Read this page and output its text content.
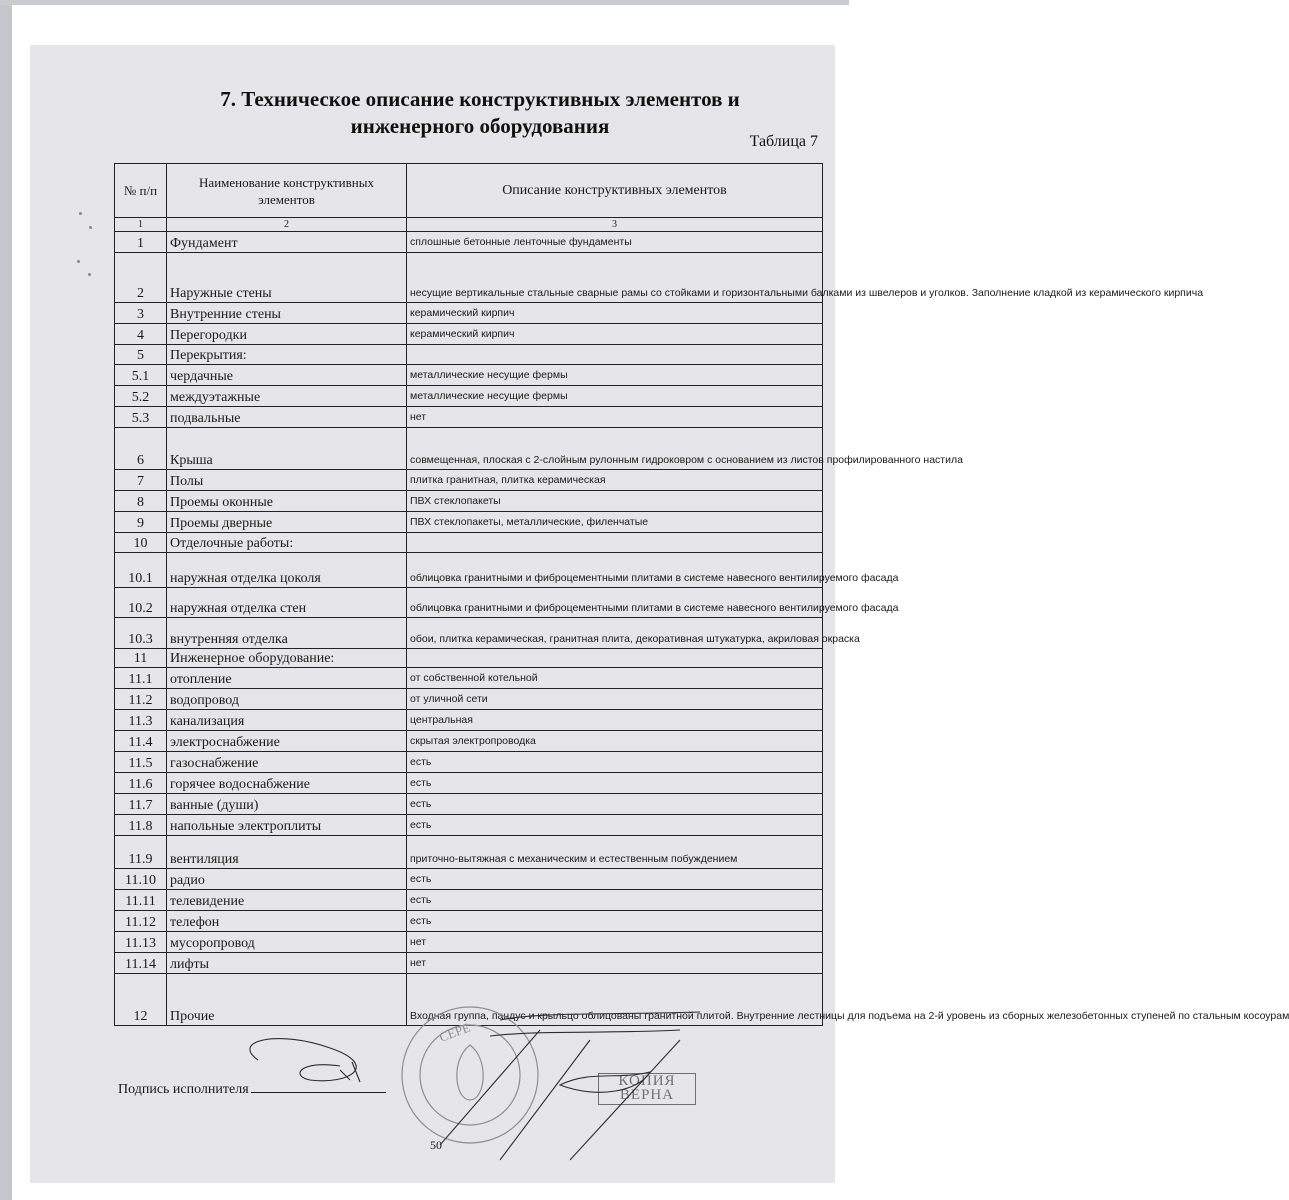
7. Техническое описание конструктивных элементов и
инженерного оборудования
Таблица 7
№ п/п	Наименование конструктивных элементов	Описание конструктивных элементов
1	2	3
1	Фундамент	сплошные бетонные ленточные фундаменты
2	Наружные стены	несущие вертикальные стальные сварные рамы со стойками и горизонтальными балками из швелеров и уголков. Заполнение кладкой из керамического кирпича
3	Внутренние стены	керамический кирпич
4	Перегородки	керамический кирпич
5	Перекрытия:	
5.1	чердачные	металлические несущие фермы
5.2	междуэтажные	металлические несущие фермы
5.3	подвальные	нет
6	Крыша	совмещенная, плоская с 2-слойным рулонным гидроковром с основанием из листов профилированного настила
7	Полы	плитка гранитная, плитка керамическая
8	Проемы оконные	ПВХ стеклопакеты
9	Проемы дверные	ПВХ стеклопакеты, металлические, филенчатые
10	Отделочные работы:	
10.1	наружная отделка цоколя	облицовка гранитными и фиброцементными плитами в системе навесного вентилируемого фасада
10.2	наружная отделка стен	облицовка гранитными и фиброцементными плитами в системе навесного вентилируемого фасада
10.3	внутренняя отделка	обои, плитка керамическая, гранитная плита, декоративная штукатурка, акриловая окраска
11	Инженерное оборудование:	
11.1	отопление	от собственной котельной
11.2	водопровод	от уличной сети
11.3	канализация	центральная
11.4	электроснабжение	скрытая электропроводка
11.5	газоснабжение	есть
11.6	горячее водоснабжение	есть
11.7	ванные (души)	есть
11.8	напольные электроплиты	есть
11.9	вентиляция	приточно-вытяжная с механическим и естественным побуждением
11.10	радио	есть
11.11	телевидение	есть
11.12	телефон	есть
11.13	мусоропровод	нет
11.14	лифты	нет
12	Прочие	Входная группа, пандус и крыльцо облицованы гранитной плитой. Внутренние лестницы для подъема на 2-й уровень из сборных железобетонных ступеней по стальным косоурам
Подпись исполнителя
50
КОПИЯ
ВЕРНА
СЕРЕ
